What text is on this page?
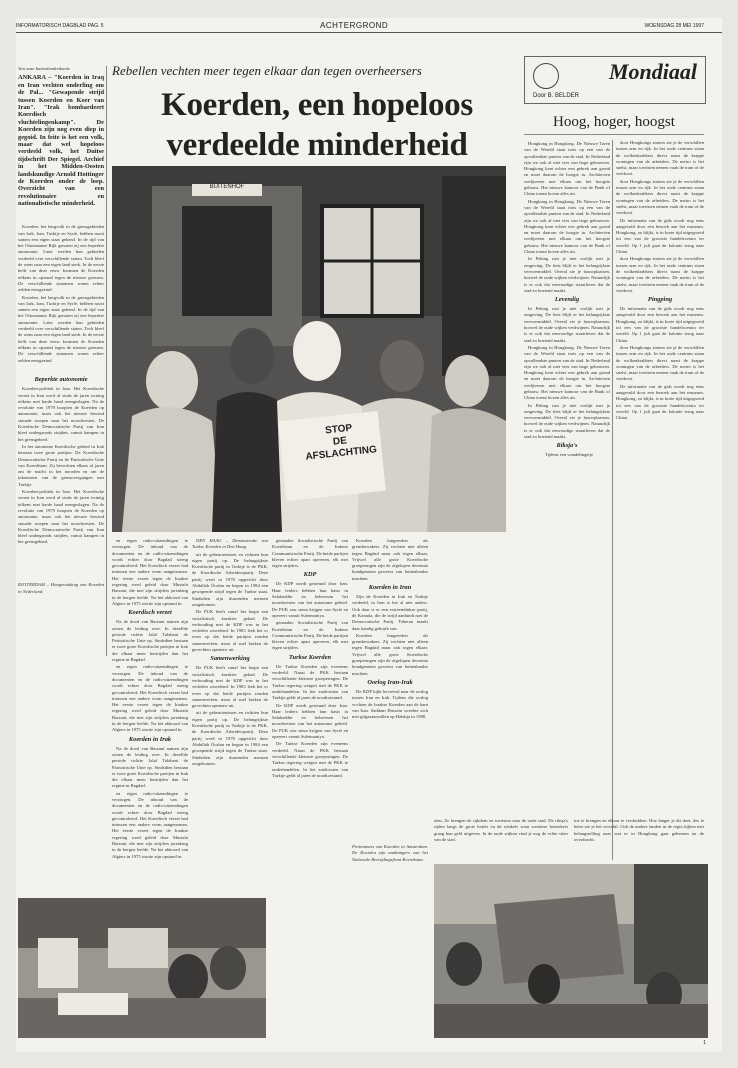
INFORMATORISCH DAGBLAD PAG. 5	ACHTERGROND	WOENSDAG 28 MEI 1997
Van onze buitenlandredactie
ANKARA – "Koerden in Iraq en Iran vechten onderling om de Pal... "Gewapende strijd tussen Koerden en Koer van Iran". "Irak bombardeert Koerdisch vluchtelingenkamp". De Koerden zijn nog even diep in gegoid. In feite is het een volk, maar dat wel hopeloos verdeeld volk, het Duitse tijdschrift Der Spiegel. Archief in het Midden-Oosten landskundige Arnold Hottinger de Koerden onder de loep. Overzicht van een revolutionaire en nationalistische minderheid.

Koerden, het bergvolk in de grensgebieden van Irak, Iran, Turkije en Syrië, hebben nooit samen een eigen staat gekend. In de tijd van het Ottomaanse Rijk genoten zij een beperkte autonomie. Later werden hun gebieden verdeeld over verschillende staten. Toch bleef de wens naar een eigen land sterk. In de eerste helft van deze eeuw kwamen de Koerden telkens in opstand tegen de nieuwe grenzen. De verschillende stammen waren echter zelden eensgezind.

Koerden, het bergvolk in de grensgebieden van Irak, Iran, Turkije en Syrië, hebben nooit samen een eigen staat gekend. In de tijd van het Ottomaanse Rijk genoten zij een beperkte autonomie. Later werden hun gebieden verdeeld over verschillende staten. Toch bleef de wens naar een eigen land sterk. In de eerste helft van deze eeuw kwamen de Koerden telkens in opstand tegen de nieuwe grenzen. De verschillende stammen waren echter zelden eensgezind.

Beperkte autonomie

Koerden-politiek in Iran. Het Koerdische verzet in Iran werd al sinds de jaren twintig telkens met harde hand neergeslagen. Na de revolutie van 1979 hoopten de Koerden op autonomie, maar ook het nieuwe bewind stuurde troepen naar het noordwesten. De Koerdische Democratische Partij van Iran bleef ondergronds strijden, vanuit kampen in het grensgebied.

In het autonome Koerdische gebied in Irak bestaan twee grote partijen. De Koerdische Democratische Partij en de Patriottische Unie van Koerdistan. Zij bevechten elkaar al jaren om de macht in het noorden en om de inkomsten van de grensovergangen met Turkije.

Koerden-politiek in Iran. Het Koerdische verzet in Iran werd al sinds de jaren twintig telkens met harde hand neergeslagen. Na de revolutie van 1979 hoopten de Koerden op autonomie, maar ook het nieuwe bewind stuurde troepen naar het noordwesten. De Koerdische Democratische Partij van Iran bleef ondergronds strijden, vanuit kampen in het grensgebied.

ROTTERDAM – Hongerstaking van Koerden in Nederland.
Rebellen vechten meer tegen elkaar dan tegen overheersers
Koerden, een hopeloos verdeelde minderheid
BUITENHOF
STOP
DE
AFSLACHTING

en eigen radio-uitzendingen te verzorgen. De inhoud van de documenten en de radio-uitzendingen wordt echter door Bagdad streng gecontroleerd. Het Koerdisch verzet had intussen een andere vorm aangenomen. Het eerste verzet tegen de Iraakse regering werd geleid door Mustafa Barzani, die met zijn strijders jarenlang in de bergen leefde. Na het akkoord van Algiers in 1975 stortte zijn opstand in.

Koerdisch verzet

Na de dood van Barzani namen zijn zonen de leiding over. In dezelfde periode richtte Jalal Talabani de Patriottische Unie op. Sindsdien bestaan er twee grote Koerdische partijen in Irak die elkaar meer bestrijden dan het regime in Bagdad.

en eigen radio-uitzendingen te verzorgen. De inhoud van de documenten en de radio-uitzendingen wordt echter door Bagdad streng gecontroleerd. Het Koerdisch verzet had intussen een andere vorm aangenomen. Het eerste verzet tegen de Iraakse regering werd geleid door Mustafa Barzani, die met zijn strijders jarenlang in de bergen leefde. Na het akkoord van Algiers in 1975 stortte zijn opstand in.

Koerden in Irak

Na de dood van Barzani namen zijn zonen de leiding over. In dezelfde periode richtte Jalal Talabani de Patriottische Unie op. Sindsdien bestaan er twee grote Koerdische partijen in Irak die elkaar meer bestrijden dan het regime in Bagdad.

en eigen radio-uitzendingen te verzorgen. De inhoud van de documenten en de radio-uitzendingen wordt echter door Bagdad streng gecontroleerd. Het Koerdisch verzet had intussen een andere vorm aangenomen. Het eerste verzet tegen de Iraakse regering werd geleid door Mustafa Barzani, die met zijn strijders jarenlang in de bergen leefde. Na het akkoord van Algiers in 1975 stortte zijn opstand in.

DEN HAAG – Demonstratie van Turkse Koerden in Den Haag.

uit de gebeurtenissen en richtten hun eigen partij op. De belangrijkste Koerdische partij in Turkije is de PKK, de Koerdische Arbeiderspartij. Deze partij werd in 1978 opgericht door Abdullah Öcalan en begon in 1984 een gewapende strijd tegen de Turkse staat. Sindsdien zijn duizenden mensen omgekomen.

De PUK heeft vanaf het begin een socialistisch karakter gehad. De verhouding met de KDP was in het verleden wisselend. In 1983 leek het er even op dat beide partijen zouden samenwerken, maar al snel braken de gevechten opnieuw uit.

Samenwerking

De PUK heeft vanaf het begin een socialistisch karakter gehad. De verhouding met de KDP was in het verleden wisselend. In 1983 leek het er even op dat beide partijen zouden samenwerken, maar al snel braken de gevechten opnieuw uit.

uit de gebeurtenissen en richtten hun eigen partij op. De belangrijkste Koerdische partij in Turkije is de PKK, de Koerdische Arbeiderspartij. Deze partij werd in 1978 opgericht door Abdullah Öcalan en begon in 1984 een gewapende strijd tegen de Turkse staat. Sindsdien zijn duizenden mensen omgekomen.

gemaakte Socialistische Partij van Koerdistan en de Irakese Communistische Partij. De beide partijen bleven echter apart opereren, elk met eigen strijders.

KDP

De KDP wordt gesteund door Iran. Haar leiders hebben hun basis in Salahaddin en beheersen het noordwesten van het autonome gebied. De PUK zou steun krijgen van Syrië en opereert vanuit Suleimaniya.

gemaakte Socialistische Partij van Koerdistan en de Irakese Communistische Partij. De beide partijen bleven echter apart opereren, elk met eigen strijders.

Turkse Koerden

De Turkse Koerden zijn eveneens verdeeld. Naast de PKK bestaan verschillende kleinere groeperingen. De Turkse regering weigert met de PKK te onderhandelen. In het zuidoosten van Turkije geldt al jaren de noodtoestand.

De KDP wordt gesteund door Iran. Haar leiders hebben hun basis in Salahaddin en beheersen het noordwesten van het autonome gebied. De PUK zou steun krijgen van Syrië en opereert vanuit Suleimaniya.

De Turkse Koerden zijn eveneens verdeeld. Naast de PKK bestaan verschillende kleinere groeperingen. De Turkse regering weigert met de PKK te onderhandelen. In het zuidoosten van Turkije geldt al jaren de noodtoestand.

Koerden fungeerden als grensbewakers. Zij vochten niet alleen tegen Bagdad maar ook tegen elkaar. Vrijwel alle grote Koerdische groeperingen zijn de afgelopen decennia bondgenoten geweest van buitenlandse machten.

Koerden in Iran

Zijn de Koerden in Irak en Turkije verdeeld, in Iran is het al niet anders. Ook daar is er een extreemlinkse partij, de Komala, die de strijd aanbindt met de Democratische Partij. Teheran maakt daar handig gebruik van.

Koerden fungeerden als grensbewakers. Zij vochten niet alleen tegen Bagdad maar ook tegen elkaar. Vrijwel alle grote Koerdische groeperingen zijn de afgelopen decennia bondgenoten geweest van buitenlandse machten.

Oorlog Iran-Irak

De KDP kijkt bevreesd naar de oorlog tussen Iran en Irak. Tijdens die oorlog vochten de Iraakse Koerden aan de kant van Iran. Saddam Hussein wreekte zich met gifgasaanvallen op Halabja in 1988.

Protestmars van Koerden in Amsterdam. De Koerden zijn aanhangers van het Nationale Bevrijdingsfront Koerdistan.
Mondiaal
Door B. BELDER
Hoog, hoger, hoogst

Hongkong in Hongkong. De Nieuwe Toren van de Wereld staat trots op een van de opvallendste punten van de stad. In Nederland zijn we ook al niet vies van hoge gebouwen. Hongkong kent echter een gebrek aan grond en moet daarom de hoogte in. Architecten wedijveren met elkaar om het hoogste gebouw. Het nieuwe kantoor van de Bank of China torent boven alles uit.

Hongkong in Hongkong. De Nieuwe Toren van de Wereld staat trots op een van de opvallendste punten van de stad. In Nederland zijn we ook al niet vies van hoge gebouwen. Hongkong kent echter een gebrek aan grond en moet daarom de hoogte in. Architecten wedijveren met elkaar om het hoogste gebouw. Het nieuwe kantoor van de Bank of China torent boven alles uit.

In Peking rust je niet vrolijk met je omgeving. De fiets blijft er het belangrijkste vervoermiddel. Overal zie je bouwplaatsen, hoewel de oude wijken verdwijnen. Natuurlijk is er ook dat eenvoudige straatleven dat de stad zo boeiend maakt.

Levendig

In Peking rust je niet vrolijk met je omgeving. De fiets blijft er het belangrijkste vervoermiddel. Overal zie je bouwplaatsen, hoewel de oude wijken verdwijnen. Natuurlijk is er ook dat eenvoudige straatleven dat de stad zo boeiend maakt.

Hongkong in Hongkong. De Nieuwe Toren van de Wereld staat trots op een van de opvallendste punten van de stad. In Nederland zijn we ook al niet vies van hoge gebouwen. Hongkong kent echter een gebrek aan grond en moet daarom de hoogte in. Architecten wedijveren met elkaar om het hoogste gebouw. Het nieuwe kantoor van de Bank of China torent boven alles uit.

In Peking rust je niet vrolijk met je omgeving. De fiets blijft er het belangrijkste vervoermiddel. Overal zie je bouwplaatsen, hoewel de oude wijken verdwijnen. Natuurlijk is er ook dat eenvoudige straatleven dat de stad zo boeiend maakt.

Riksja's

Tijdens een wandelingetje

door Hongkongs straten zie je de verschillen tussen arm en rijk. In het oude centrum staan de wolkenkrabbers direct naast de krappe woningen van de arbeiders. De metro is het snelst, maar toeristen nemen vaak de tram of de veerboot.

door Hongkongs straten zie je de verschillen tussen arm en rijk. In het oude centrum staan de wolkenkrabbers direct naast de krappe woningen van de arbeiders. De metro is het snelst, maar toeristen nemen vaak de tram of de veerboot.

De informatie van de gids wordt nog eens aangevuld door een bezoek aan het museum. Hongkong, zo blijkt, is in korte tijd uitgegroeid tot een van de grootste handelscentra ter wereld. Op 1 juli gaat de kolonie terug naar China.

door Hongkongs straten zie je de verschillen tussen arm en rijk. In het oude centrum staan de wolkenkrabbers direct naast de krappe woningen van de arbeiders. De metro is het snelst, maar toeristen nemen vaak de tram of de veerboot.

Pingping

De informatie van de gids wordt nog eens aangevuld door een bezoek aan het museum. Hongkong, zo blijkt, is in korte tijd uitgegroeid tot een van de grootste handelscentra ter wereld. Op 1 juli gaat de kolonie terug naar China.

door Hongkongs straten zie je de verschillen tussen arm en rijk. In het oude centrum staan de wolkenkrabbers direct naast de krappe woningen van de arbeiders. De metro is het snelst, maar toeristen nemen vaak de tram of de veerboot.

De informatie van de gids wordt nog eens aangevuld door een bezoek aan het museum. Hongkong, zo blijkt, is in korte tijd uitgegroeid tot een van de grootste handelscentra ter wereld. Op 1 juli gaat de kolonie terug naar China.

zien. Ze brengen de rijkdom en toeristen naar de oude stad. De riksja's rijden langs de grote hotels en de winkels waar westerse bezoekers graag hun geld uitgeven. In de oude wijken vind je nog de echte sfeer van de stad.
toe te brengen en elkaar te verdrukken. Hoe langer je dit doet, des te beter zie je het verschil. Ook de andere landen in de regio kijken met belangstelling naar wat er in Hongkong gaat gebeuren na de overdracht.
1
